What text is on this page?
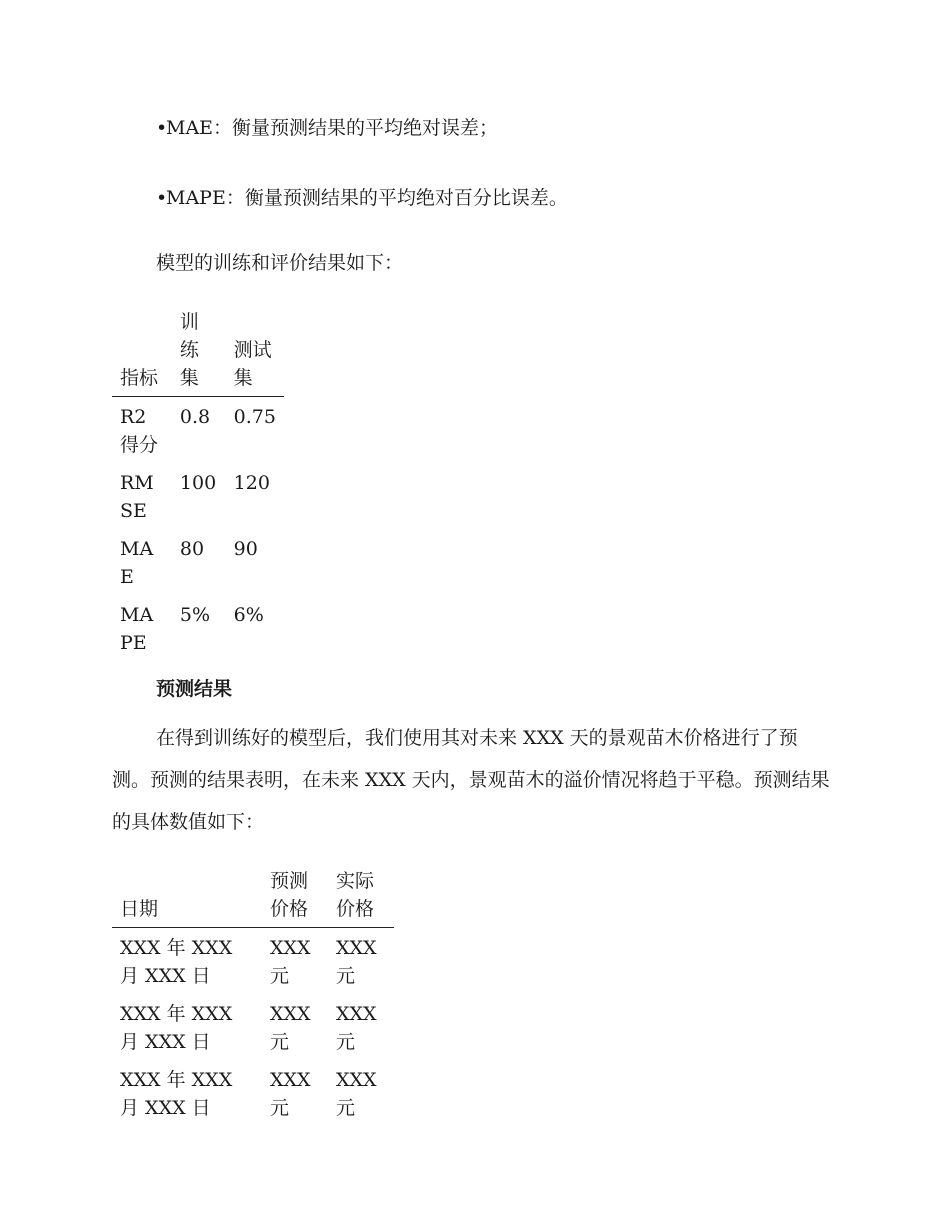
•MAE：衡量预测结果的平均绝对误差；
•MAPE：衡量预测结果的平均绝对百分比误差。

模型的训练和评价结果如下：

指标	训练集	测试集
R2 得分	0.8	0.75
RMSE	100	120
MAE	80	90
MAPE	5%	6%
预测结果

在得到训练好的模型后，我们使用其对未来 XXX 天的景观苗木价格进行了预测。预测的结果表明，在未来 XXX 天内，景观苗木的溢价情况将趋于平稳。预测结果的具体数值如下：

日期	预测价格	实际价格
XXX 年 XXX 月 XXX 日	XXX 元	XXX 元
XXX 年 XXX 月 XXX 日	XXX 元	XXX 元
XXX 年 XXX 月 XXX 日	XXX 元	XXX 元
